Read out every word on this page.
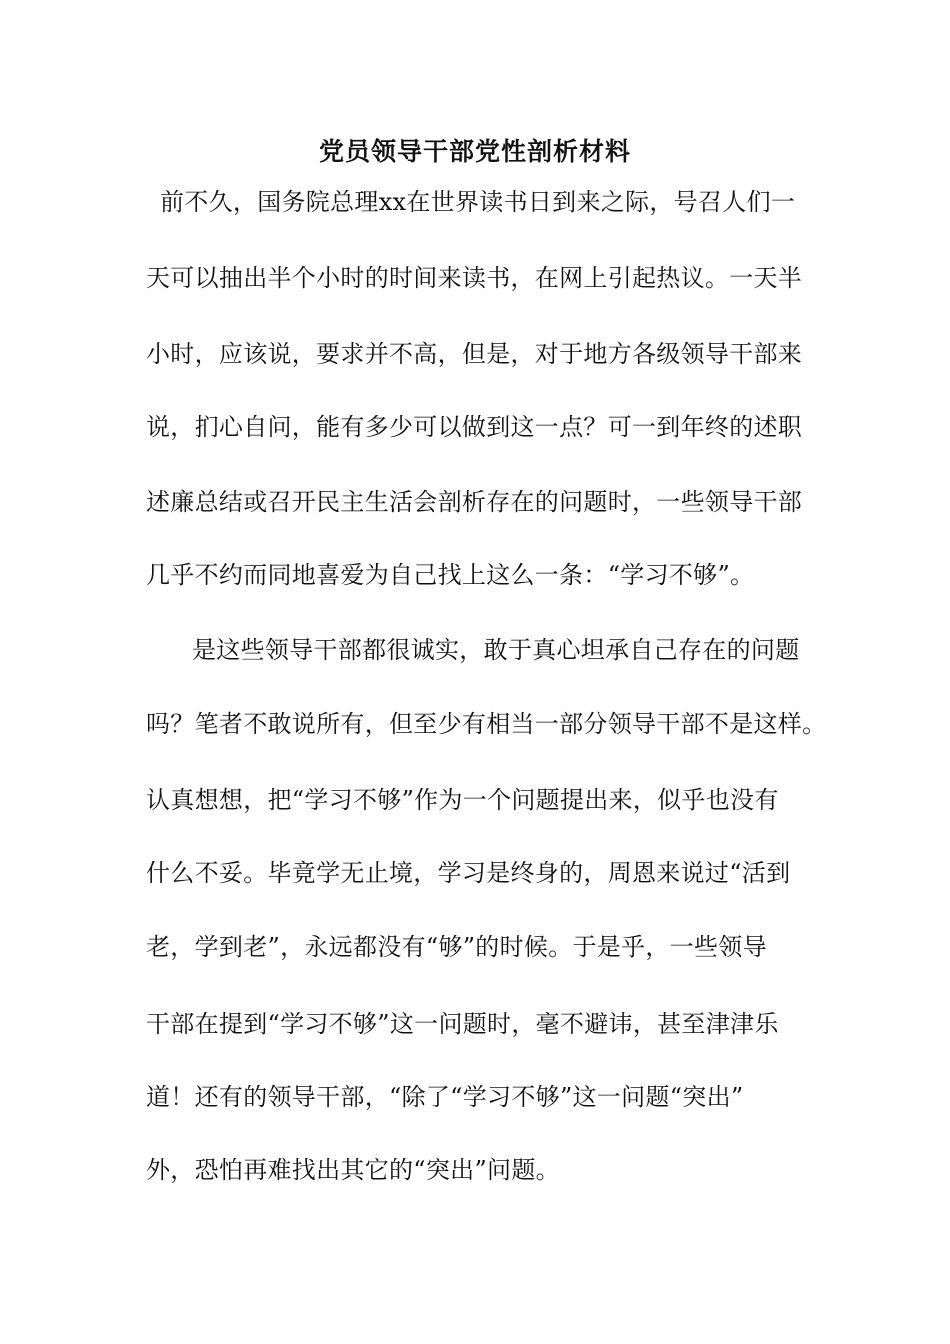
党员领导干部党性剖析材料
前不久，国务院总理xx在世界读书日到来之际，号召人们一
天可以抽出半个小时的时间来读书，在网上引起热议。一天半
小时，应该说，要求并不高，但是，对于地方各级领导干部来
说，扪心自问，能有多少可以做到这一点？可一到年终的述职
述廉总结或召开民主生活会剖析存在的问题时，一些领导干部
几乎不约而同地喜爱为自己找上这么一条：“学习不够”。
是这些领导干部都很诚实，敢于真心坦承自己存在的问题
吗？笔者不敢说所有，但至少有相当一部分领导干部不是这样。
认真想想，把“学习不够”作为一个问题提出来，似乎也没有
什么不妥。毕竟学无止境，学习是终身的，周恩来说过“活到
老，学到老”，永远都没有“够”的时候。于是乎，一些领导
干部在提到“学习不够”这一问题时，毫不避讳，甚至津津乐
道！还有的领导干部，“除了“学习不够”这一问题“突出”
外，恐怕再难找出其它的“突出”问题。
